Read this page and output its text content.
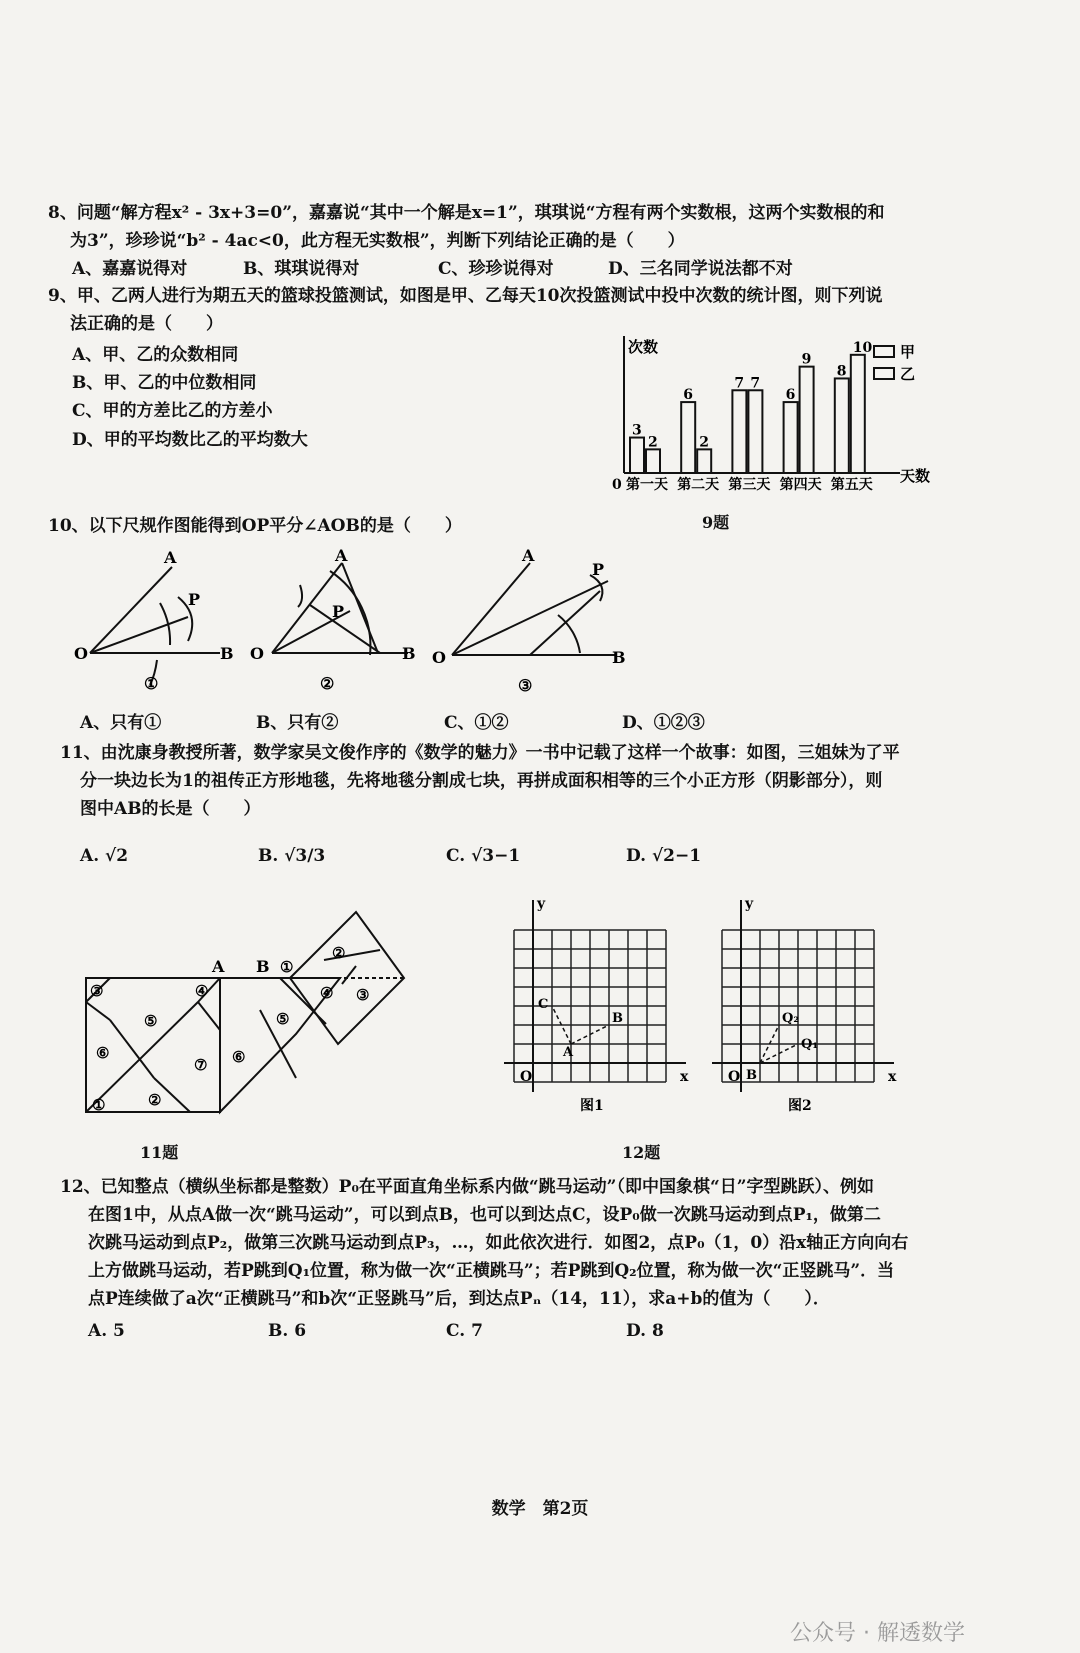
8、问题“解方程x² - 3x+3=0”，嘉嘉说“其中一个解是x=1”，琪琪说“方程有两个实数根，这两个实数根的和
为3”，珍珍说“b² - 4ac<0，此方程无实数根”，判断下列结论正确的是（　　）
A、嘉嘉说得对	B、琪琪说得对	C、珍珍说得对	D、三名同学说法都不对
9、甲、乙两人进行为期五天的篮球投篮测试，如图是甲、乙每天10次投篮测试中投中次数的统计图，则下列说
法正确的是（　　）
A、甲、乙的众数相同
B、甲、乙的中位数相同
C、甲的方差比乙的方差小
D、甲的平均数比乙的平均数大
次数
天数
0 第一天
3
2
第二天
6
2
第三天
7 7
第四天
6
9
第五天
8
10 甲
乙
9题
10、以下尺规作图能得到OP平分∠AOB的是（　　）
A
O	B
P
①
A
O	B
P
②
A
O	B
P
③
A、只有①	B、只有②	C、①②	D、①②③
11、由沈康身教授所著，数学家吴文俊作序的《数学的魅力》一书中记载了这样一个故事：如图，三姐妹为了平
分一块边长为1的祖传正方形地毯，先将地毯分割成七块，再拼成面积相等的三个小正方形（阴影部分），则
图中AB的长是（　　）
A. √2	B. √3/3	C. √3−1	D. √2−1
A B
①	②
③	④
⑤
⑥
⑦
②
③
④
⑤
⑥
①
11题
x
y
O
图1
A
B
C
x
y
O
图2
B
Q₁
Q₂
12题
12、已知整点（横纵坐标都是整数）P₀在平面直角坐标系内做“跳马运动”（即中国象棋“日”字型跳跃）、例如
在图1中，从点A做一次“跳马运动”，可以到点B，也可以到达点C，设P₀做一次跳马运动到点P₁，做第二
次跳马运动到点P₂，做第三次跳马运动到点P₃，…，如此依次进行．如图2，点P₀（1，0）沿x轴正方向向右
上方做跳马运动，若P跳到Q₁位置，称为做一次“正横跳马”；若P跳到Q₂位置，称为做一次“正竖跳马”．当
点P连续做了a次“正横跳马”和b次“正竖跳马”后，到达点Pₙ（14，11），求a+b的值为（　　）．
A. 5	B. 6	C. 7	D. 8
数学　第2页
公众号 · 解透数学
